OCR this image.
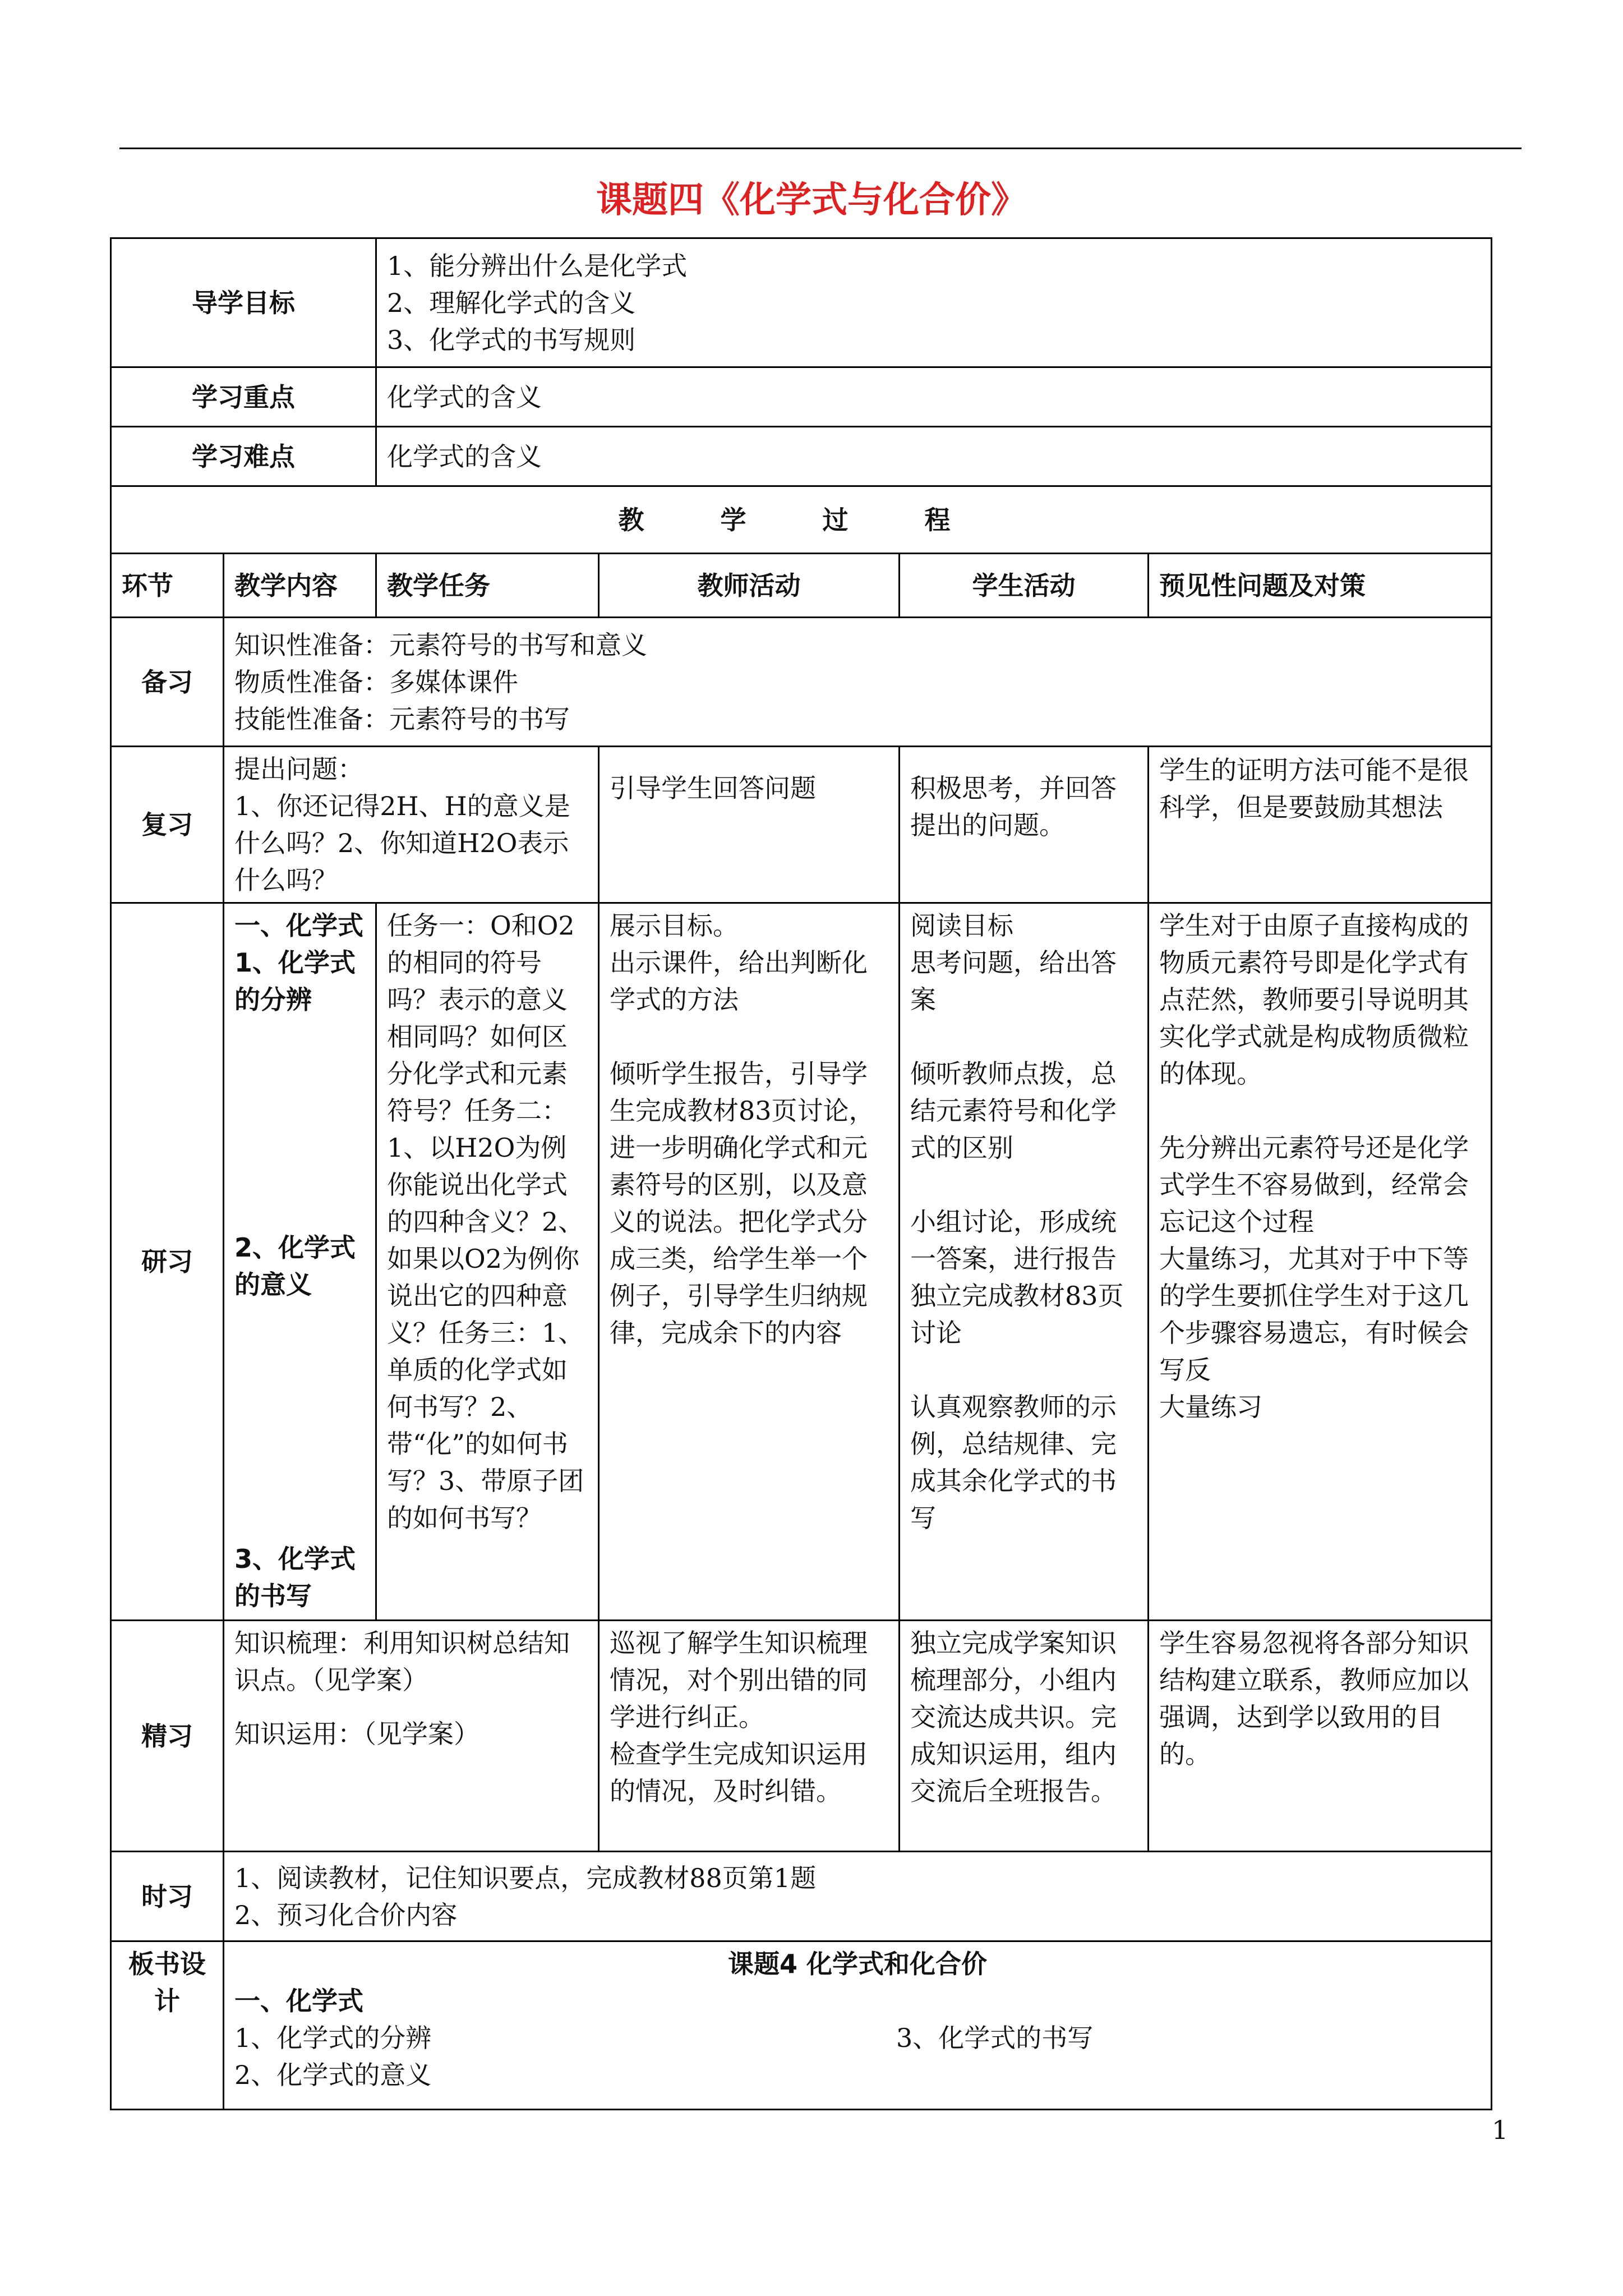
课题四《化学式与化合价》
导学目标		1、能分辨出什么是化学式
2、理解化学式的含义
3、化学式的书写规则			

学习重点		化学式的含义			
学习难点		化学式的含义			
教 学 过 程					
环节	教学内容	教学任务	教师活动	学生活动	预见性问题及对策
备习	知识性准备：元素符号的书写和意义
物质性准备：多媒体课件
技能性准备：元素符号的书写				

复习	提出问题：
1、你还记得2H、H的意义是什么吗？2、你知道H2O表示什么吗？		引导学生回答问题	积极思考，并回答提出的问题。	学生的证明方法可能不是很科学，但是要鼓励其想法
研习	一、化学式
1、化学式的分辨
2、化学式的意义
3、化学式的书写	任务一：O和O2的相同的符号吗？表示的意义相同吗？如何区分化学式和元素符号？任务二：1、以H2O为例你能说出化学式的四种含义？2、如果以O2为例你说出它的四种意义？任务三：1、单质的化学式如何书写？2、带“化”的如何书写？3、带原子团的如何书写？	展示目标。
出示课件，给出判断化学式的方法
倾听学生报告，引导学生完成教材83页讨论，进一步明确化学式和元素符号的区别，以及意义的说法。把化学式分成三类，给学生举一个例子，引导学生归纳规律，完成余下的内容	阅读目标
思考问题，给出答案
倾听教师点拨，总结元素符号和化学式的区别
小组讨论，形成统一答案，进行报告独立完成教材83页讨论
认真观察教师的示例，总结规律、完成其余化学式的书写	学生对于由原子直接构成的物质元素符号即是化学式有点茫然，教师要引导说明其实化学式就是构成物质微粒的体现。
先分辨出元素符号还是化学式学生不容易做到，经常会忘记这个过程
大量练习，尤其对于中下等的学生要抓住学生对于这几个步骤容易遗忘，有时候会写反
大量练习

精习	知识梳理：利用知识树总结知识点。（见学案）
知识运用：（见学案）		巡视了解学生知识梳理情况，对个别出错的同学进行纠正。
检查学生完成知识运用的情况，及时纠错。	独立完成学案知识梳理部分，小组内交流达成共识。完成知识运用，组内交流后全班报告。	学生容易忽视将各部分知识结构建立联系，教师应加以强调，达到学以致用的目的。
时习	1、阅读教材，记住知识要点，完成教材88页第1题
2、预习化合价内容				

板书设计	课题4 化学式和化合价
一、化学式
1、化学式的分辨 3、化学式的书写
2、化学式的意义				
1
